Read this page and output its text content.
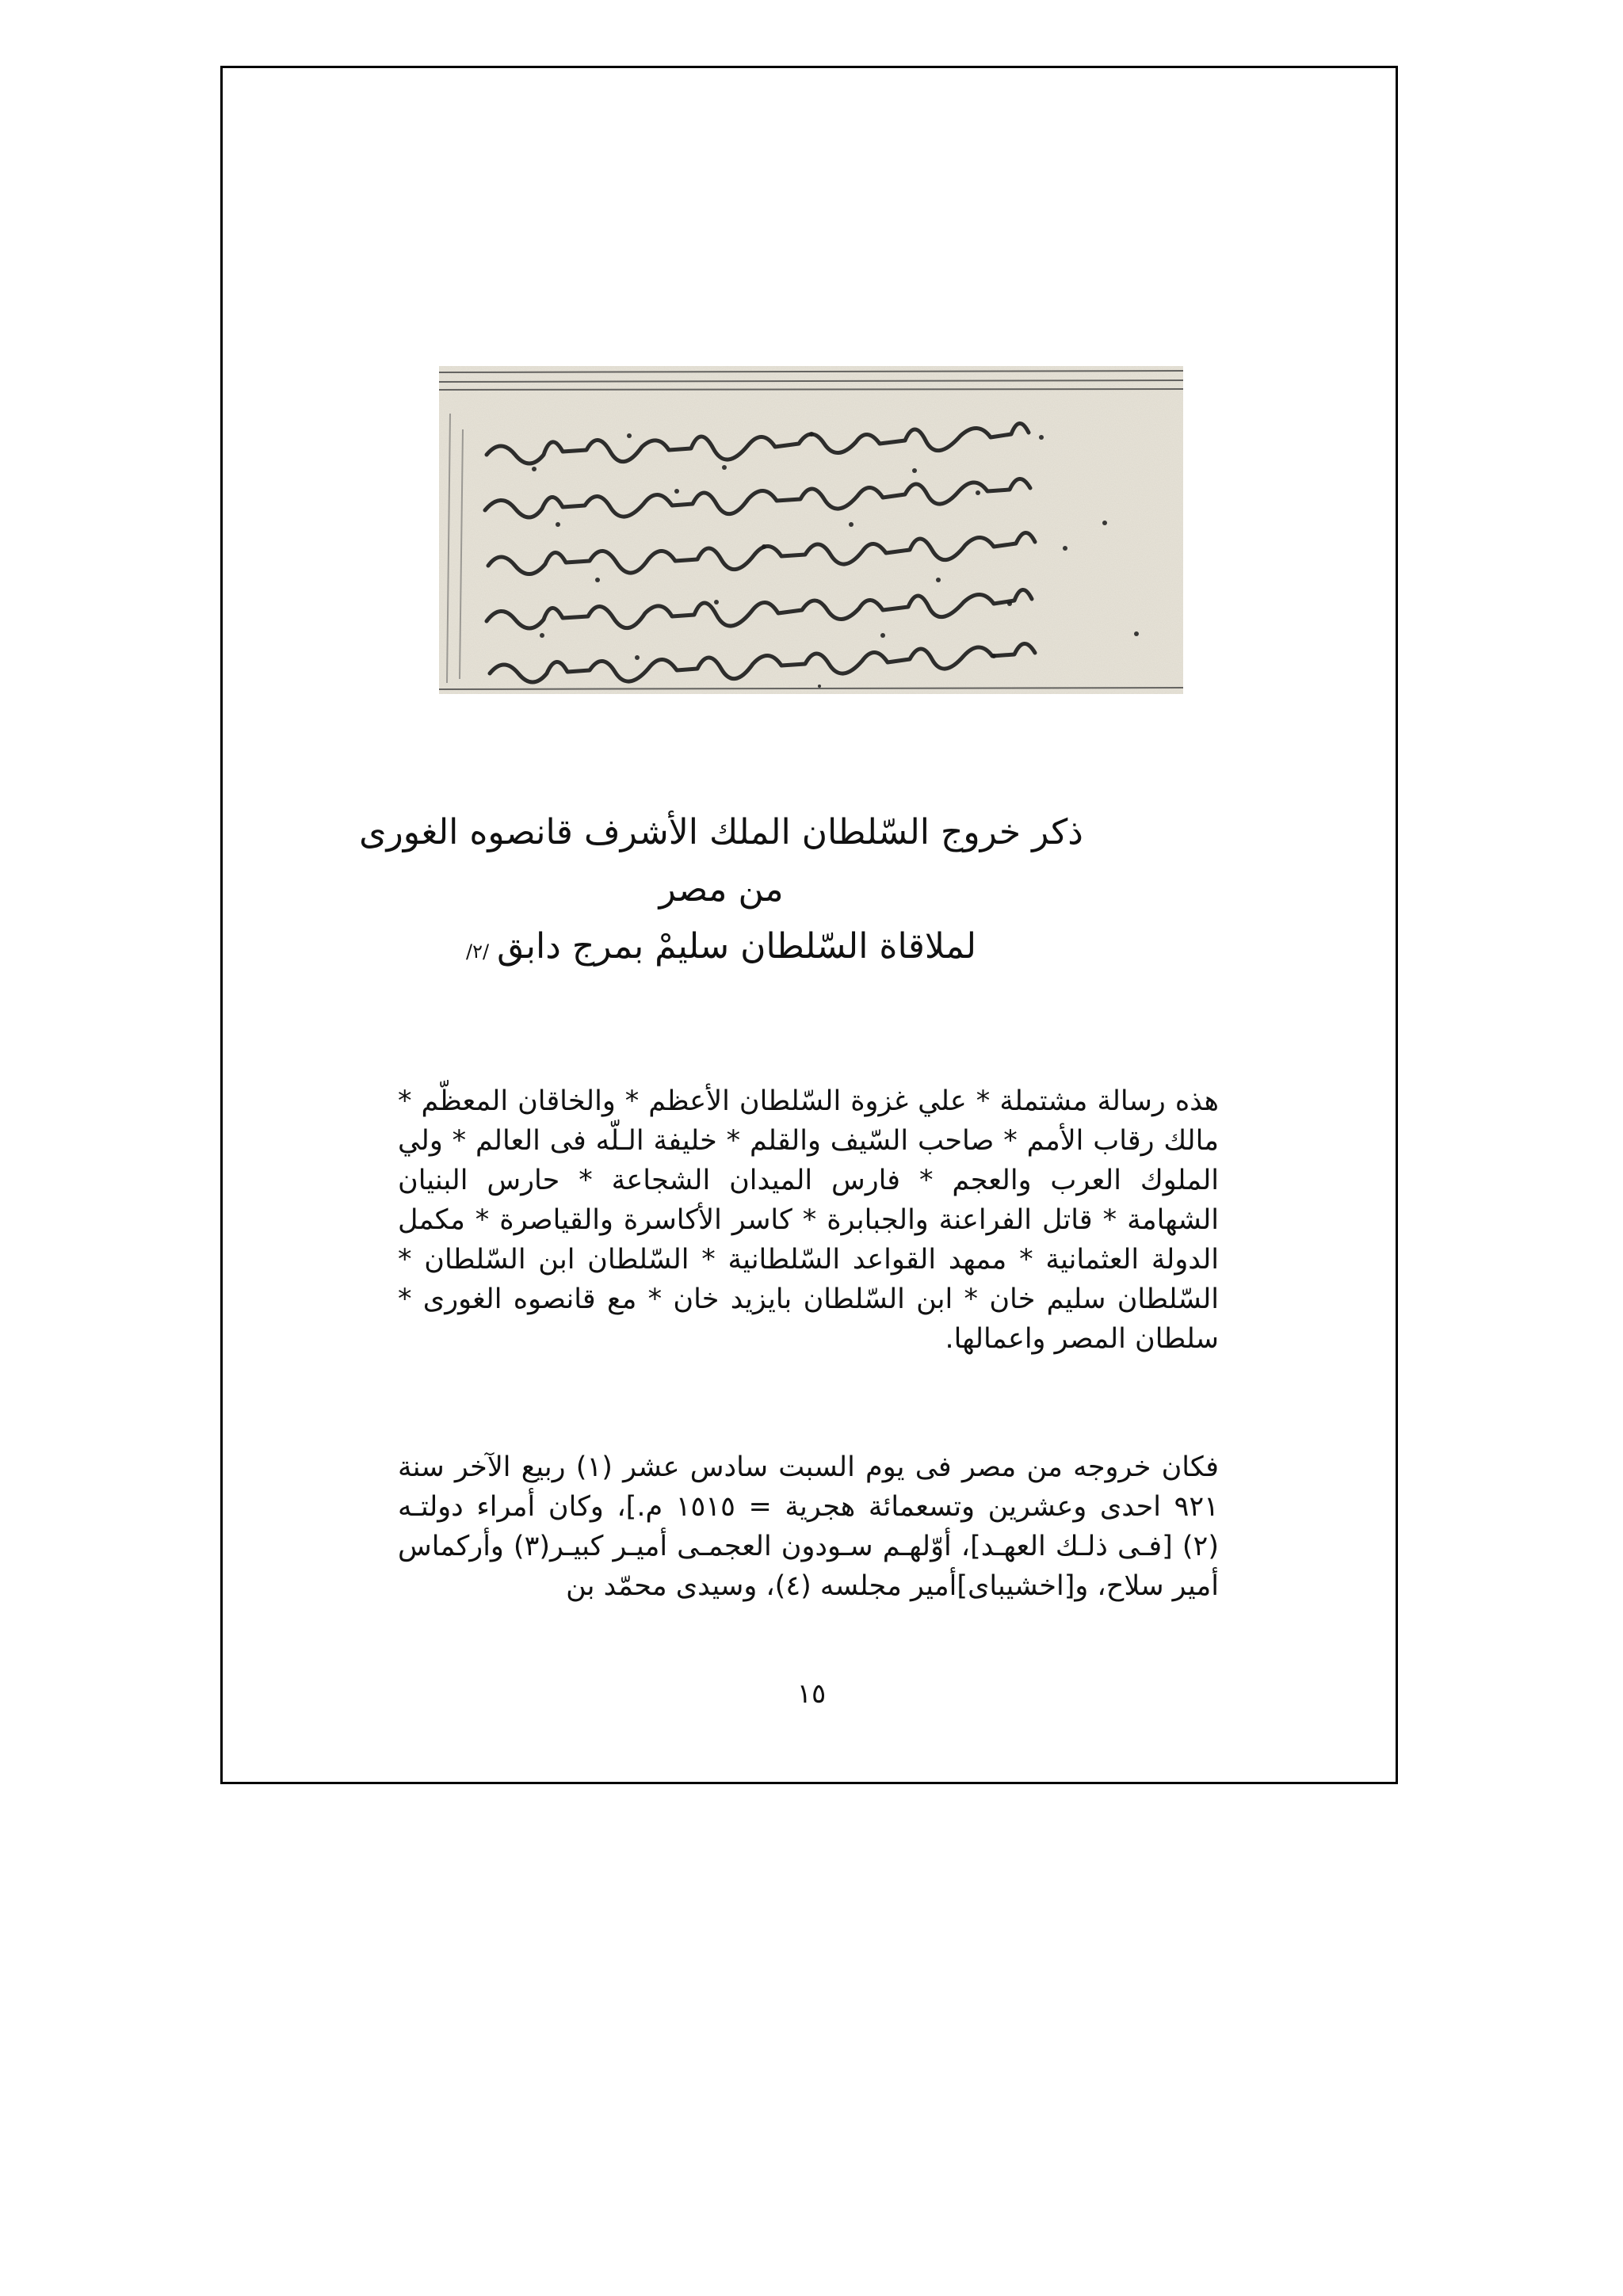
ذكر خروج السّلطان الملك الأشرف قانصوه الغورى
من مصر
لملاقاة السّلطان سليمْ بمرج دابق/٢/
هذه رسالة مشتملة * علي غزوة السّلطان الأعظم * والخاقان المعظّم * مالك رقاب الأمم * صاحب السّيف والقلم * خليفة الـلّه فى العالم * ولي الملوك العرب والعجم * فارس الميدان الشجاعة * حارس البنيان الشهامة * قاتل الفراعنة والجبابرة * كاسر الأكاسرة والقياصرة * مكمل الدولة العثمانية * ممهد القواعد السّلطانية * السّلطان ابن السّلطان * السّلطان سليم خان * ابن السّلطان بايزيد خان * مع قانصوه الغورى * سلطان المصر واعمالها.
فكان خروجه من مصر فى يوم السبت سادس عشر (١) ربيع الآخر سنة ٩٢١ احدى وعشرين وتسعمائة هجرية = ١٥١٥ م.]، وكان أمراء دولتـه (٢) [فـى ذلـك العهـد]، أوّلهـم سـودون العجمـى أميـر كبيـر(٣) وأركماس أمير سلاح، و[اخشيباى]أمير مجلسه (٤)، وسيدى محمّد بن
١٥
